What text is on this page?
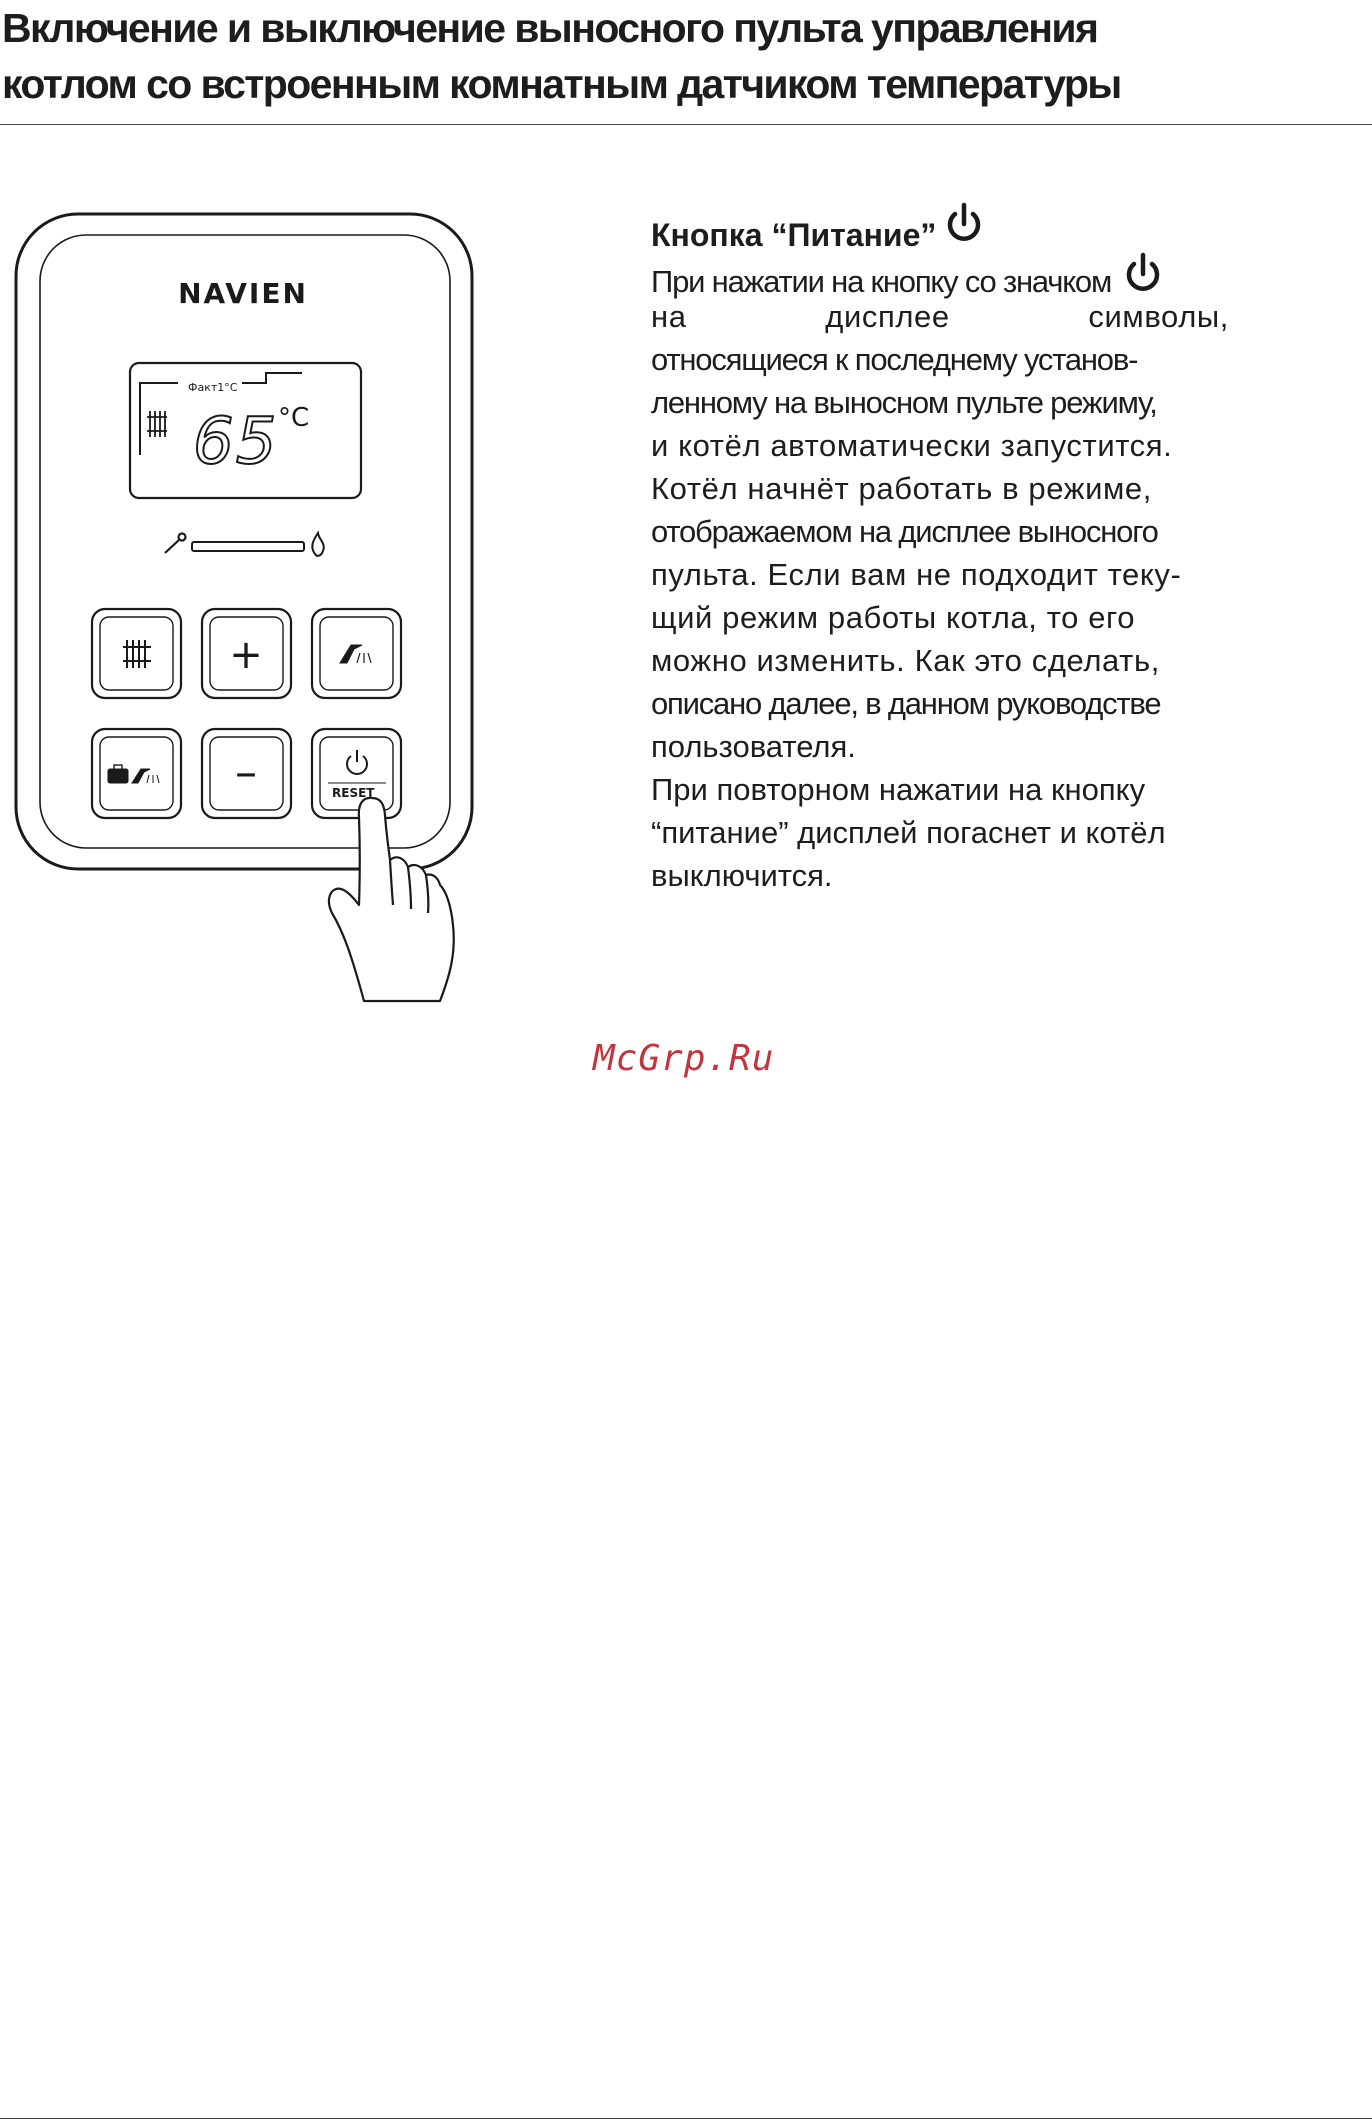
Включение и выключение выносного пульта управления
котлом со встроенным комнатным датчиком температуры
NAVIEN
Факт1°C
65 °C
+
–	RESET
Кнопка “Питание”
При нажатии на кнопку со значком
на дисплее символы,
относящиеся к последнему установ-
ленному на выносном пульте режиму,
и котёл автоматически запустится.
Котёл начнёт работать в режиме,
отображаемом на дисплее выносного
пульта. Если вам не подходит теку-
щий режим работы котла, то его
можно изменить. Как это сделать,
описано далее, в данном руководстве
пользователя.
При повторном нажатии на кнопку
“питание” дисплей погаснет и котёл
выключится.
McGrp.Ru
